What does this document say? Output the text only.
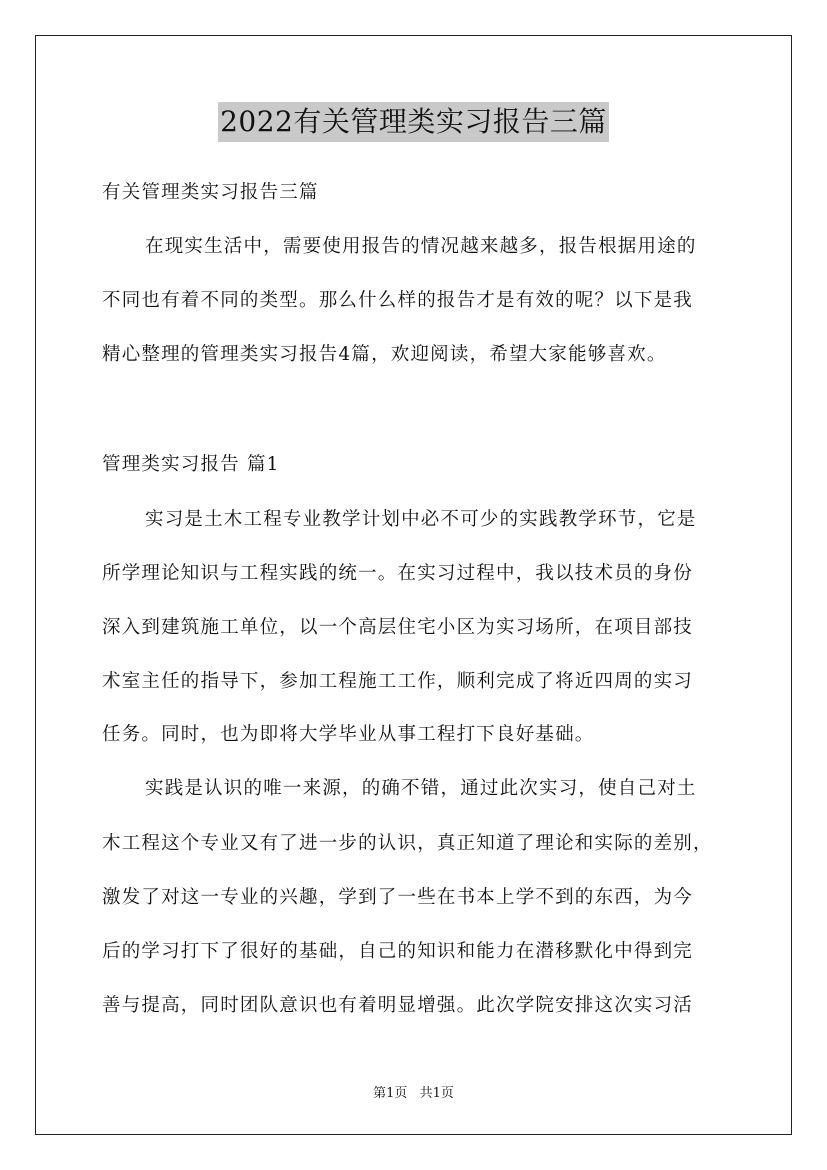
2022有关管理类实习报告三篇
有关管理类实习报告三篇
在现实生活中，需要使用报告的情况越来越多，报告根据用途的
不同也有着不同的类型。那么什么样的报告才是有效的呢？以下是我
精心整理的管理类实习报告4篇，欢迎阅读，希望大家能够喜欢。
管理类实习报告 篇1
实习是土木工程专业教学计划中必不可少的实践教学环节，它是
所学理论知识与工程实践的统一。在实习过程中，我以技术员的身份
深入到建筑施工单位，以一个高层住宅小区为实习场所，在项目部技
术室主任的指导下，参加工程施工工作，顺利完成了将近四周的实习
任务。同时，也为即将大学毕业从事工程打下良好基础。
实践是认识的唯一来源，的确不错，通过此次实习，使自己对土
木工程这个专业又有了进一步的认识，真正知道了理论和实际的差别，
激发了对这一专业的兴趣，学到了一些在书本上学不到的东西，为今
后的学习打下了很好的基础，自己的知识和能力在潜移默化中得到完
善与提高，同时团队意识也有着明显增强。此次学院安排这次实习活
第1页 共1页
